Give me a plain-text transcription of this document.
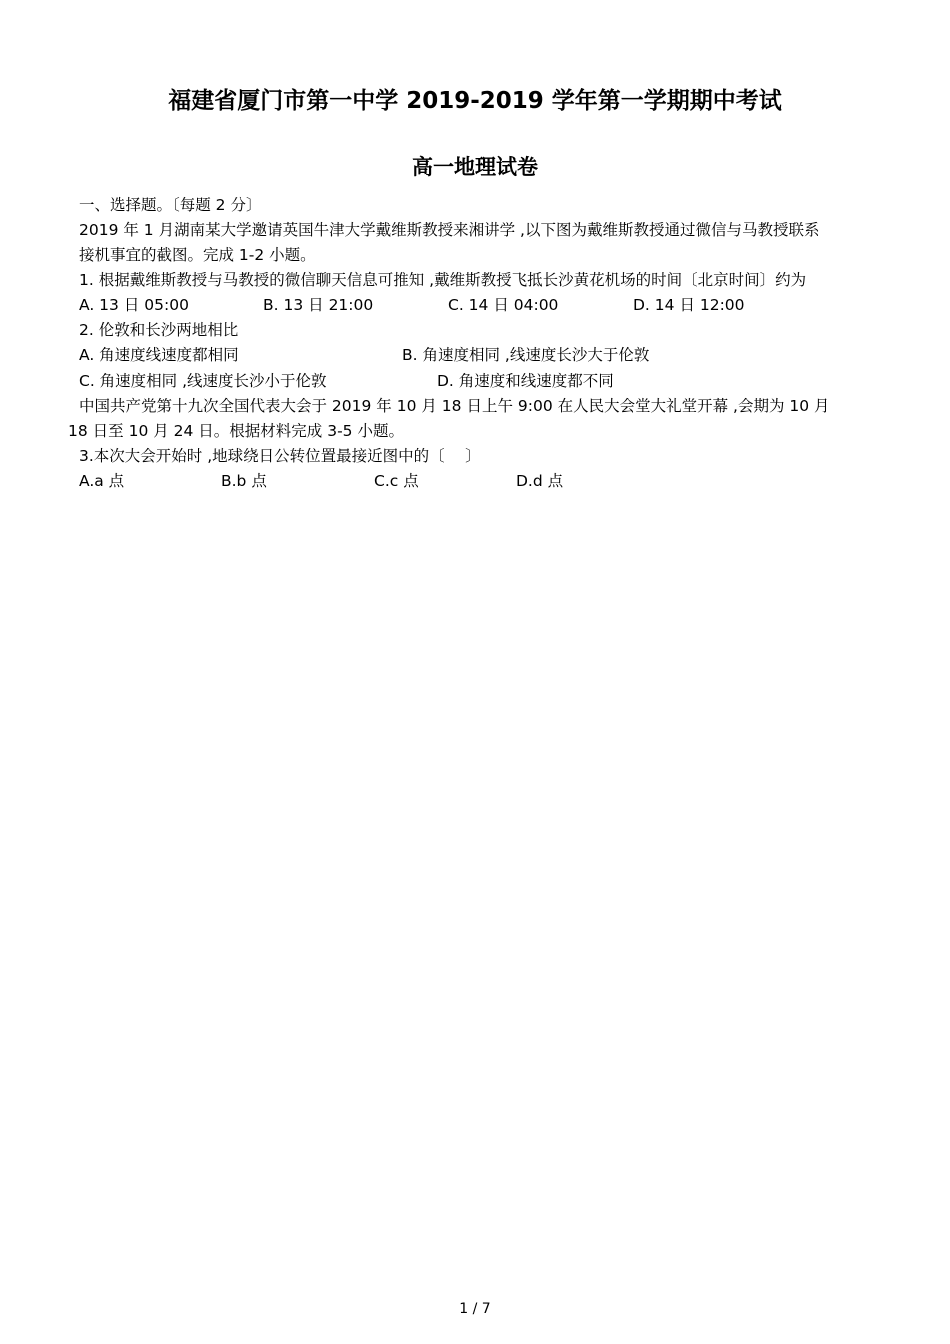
福建省厦门市第一中学 2019-2019 学年第一学期期中考试
高一地理试卷
一、选择题。〔每题 2 分〕
2019 年 1 月湖南某大学邀请英国牛津大学戴维斯教授来湘讲学 ,以下图为戴维斯教授通过微信与马教授联系
接机事宜的截图。完成 1-2 小题。
1. 根据戴维斯教授与马教授的微信聊天信息可推知 ,戴维斯教授飞抵长沙黄花机场的时间〔北京时间〕约为
A. 13 日 05:00	B. 13 日 21:00	C. 14 日 04:00	D. 14 日 12:00
2. 伦敦和长沙两地相比
A. 角速度线速度都相同	B. 角速度相同 ,线速度长沙大于伦敦
C. 角速度相同 ,线速度长沙小于伦敦	D. 角速度和线速度都不同
中国共产党第十九次全国代表大会于 2019 年 10 月 18 日上午 9:00 在人民大会堂大礼堂开幕 ,会期为 10 月
18 日至 10 月 24 日。根据材料完成 3-5 小题。
3.本次大会开始时 ,地球绕日公转位置最接近图中的〔　 〕
A.a 点	B.b 点	C.c 点	D.d 点
1 / 7
